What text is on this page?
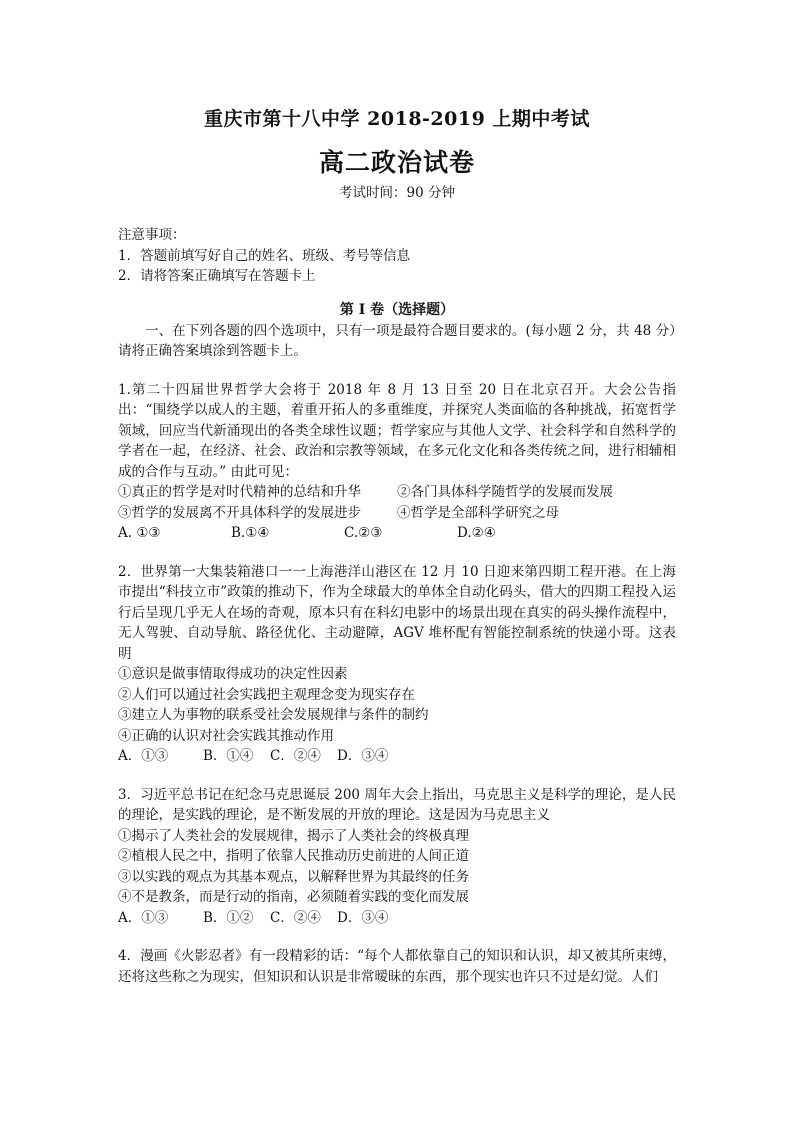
重庆市第十八中学 2018-2019 上期中考试
高二政治试卷
考试时间：90 分钟
注意事项：
1．答题前填写好自己的姓名、班级、考号等信息
2．请将答案正确填写在答题卡上
第 I 卷（选择题）
一、在下列各题的四个选项中，只有一项是最符合题目要求的。(每小题 2 分，共 48 分）请将正确答案填涂到答题卡上。
1.第二十四届世界哲学大会将于 2018 年 8 月 13 日至 20 日在北京召开。大会公告指出：“围绕学以成人的主题，着重开拓人的多重维度，并探究人类面临的各种挑战，拓宽哲学领域，回应当代新涌现出的各类全球性议题；哲学家应与其他人文学、社会科学和自然科学的学者在一起，在经济、社会、政治和宗教等领域，在多元化文化和各类传统之间，进行相辅相成的合作与互动。” 由此可见：
①真正的哲学是对时代精神的总结和升华	②各门具体科学随哲学的发展而发展
③哲学的发展离不开具体科学的发展进步	④哲学是全部科学研究之母
A. ①③	B.①④	C.②③	D.②④
2．世界第一大集装箱港口一一上海港洋山港区在 12 月 10 日迎来第四期工程开港。在上海市提出“科技立市”政策的推动下，作为全球最大的单体全自动化码头，借大的四期工程投入运行后呈现几乎无人在场的奇观，原本只有在科幻电影中的场景出现在真实的码头操作流程中，无人驾驶、自动导航、路径优化、主动避障，AGV 堆杯配有智能控制系统的快递小哥。这表明
①意识是做事情取得成功的决定性因素
②人们可以通过社会实践把主观理念变为现实存在
③建立人为事物的联系受社会发展规律与条件的制约
④正确的认识对社会实践其推动作用
A．①③	B．①④	C．②④	D．③④
3．习近平总书记在纪念马克思诞辰 200 周年大会上指出，马克思主义是科学的理论，是人民的理论，是实践的理论，是不断发展的开放的理论。这是因为马克思主义
①揭示了人类社会的发展规律，揭示了人类社会的终极真理
②植根人民之中，指明了依靠人民推动历史前进的人间正道
③以实践的观点为其基本观点，以解释世界为其最终的任务
④不是教条，而是行动的指南，必须随着实践的变化而发展
A．①③	B．①②	C．②④	D．③④
4．漫画《火影忍者》有一段精彩的话：“每个人都依靠自己的知识和认识，却又被其所束缚，还将这些称之为现实，但知识和认识是非常暧昧的东西，那个现实也许只不过是幻觉。人们
